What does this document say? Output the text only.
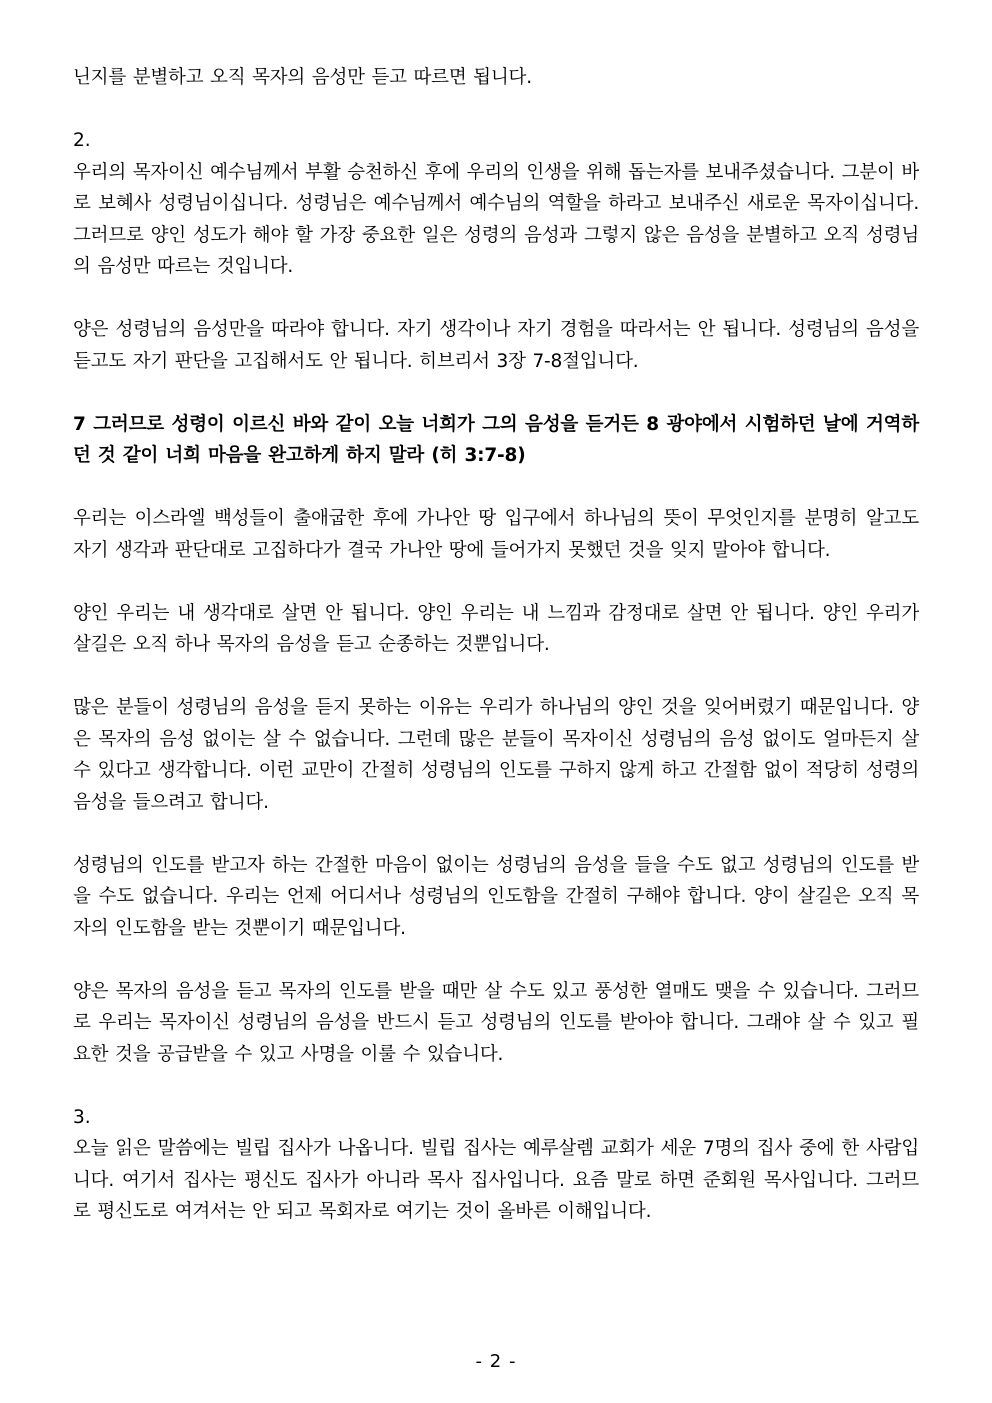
닌지를 분별하고 오직 목자의 음성만 듣고 따르면 됩니다.

2.

우리의 목자이신 예수님께서 부활 승천하신 후에 우리의 인생을 위해 돕는자를 보내주셨습니다. 그분이 바로 보혜사 성령님이십니다. 성령님은 예수님께서 예수님의 역할을 하라고 보내주신 새로운 목자이십니다. 그러므로 양인 성도가 해야 할 가장 중요한 일은 성령의 음성과 그렇지 않은 음성을 분별하고 오직 성령님의 음성만 따르는 것입니다.

양은 성령님의 음성만을 따라야 합니다. 자기 생각이나 자기 경험을 따라서는 안 됩니다. 성령님의 음성을 듣고도 자기 판단을 고집해서도 안 됩니다. 히브리서 3장 7-8절입니다.

7 그러므로 성령이 이르신 바와 같이 오늘 너희가 그의 음성을 듣거든 8 광야에서 시험하던 날에 거역하던 것 같이 너희 마음을 완고하게 하지 말라 (히 3:7-8)

우리는 이스라엘 백성들이 출애굽한 후에 가나안 땅 입구에서 하나님의 뜻이 무엇인지를 분명히 알고도 자기 생각과 판단대로 고집하다가 결국 가나안 땅에 들어가지 못했던 것을 잊지 말아야 합니다.

양인 우리는 내 생각대로 살면 안 됩니다. 양인 우리는 내 느낌과 감정대로 살면 안 됩니다. 양인 우리가 살길은 오직 하나 목자의 음성을 듣고 순종하는 것뿐입니다.

많은 분들이 성령님의 음성을 듣지 못하는 이유는 우리가 하나님의 양인 것을 잊어버렸기 때문입니다. 양은 목자의 음성 없이는 살 수 없습니다. 그런데 많은 분들이 목자이신 성령님의 음성 없이도 얼마든지 살 수 있다고 생각합니다. 이런 교만이 간절히 성령님의 인도를 구하지 않게 하고 간절함 없이 적당히 성령의 음성을 들으려고 합니다.

성령님의 인도를 받고자 하는 간절한 마음이 없이는 성령님의 음성을 들을 수도 없고 성령님의 인도를 받을 수도 없습니다. 우리는 언제 어디서나 성령님의 인도함을 간절히 구해야 합니다. 양이 살길은 오직 목자의 인도함을 받는 것뿐이기 때문입니다.

양은 목자의 음성을 듣고 목자의 인도를 받을 때만 살 수도 있고 풍성한 열매도 맺을 수 있습니다. 그러므로 우리는 목자이신 성령님의 음성을 반드시 듣고 성령님의 인도를 받아야 합니다. 그래야 살 수 있고 필요한 것을 공급받을 수 있고 사명을 이룰 수 있습니다.

3.

오늘 읽은 말씀에는 빌립 집사가 나옵니다. 빌립 집사는 예루살렘 교회가 세운 7명의 집사 중에 한 사람입니다. 여기서 집사는 평신도 집사가 아니라 목사 집사입니다. 요즘 말로 하면 준회원 목사입니다. 그러므로 평신도로 여겨서는 안 되고 목회자로 여기는 것이 올바른 이해입니다.

- 2 -
